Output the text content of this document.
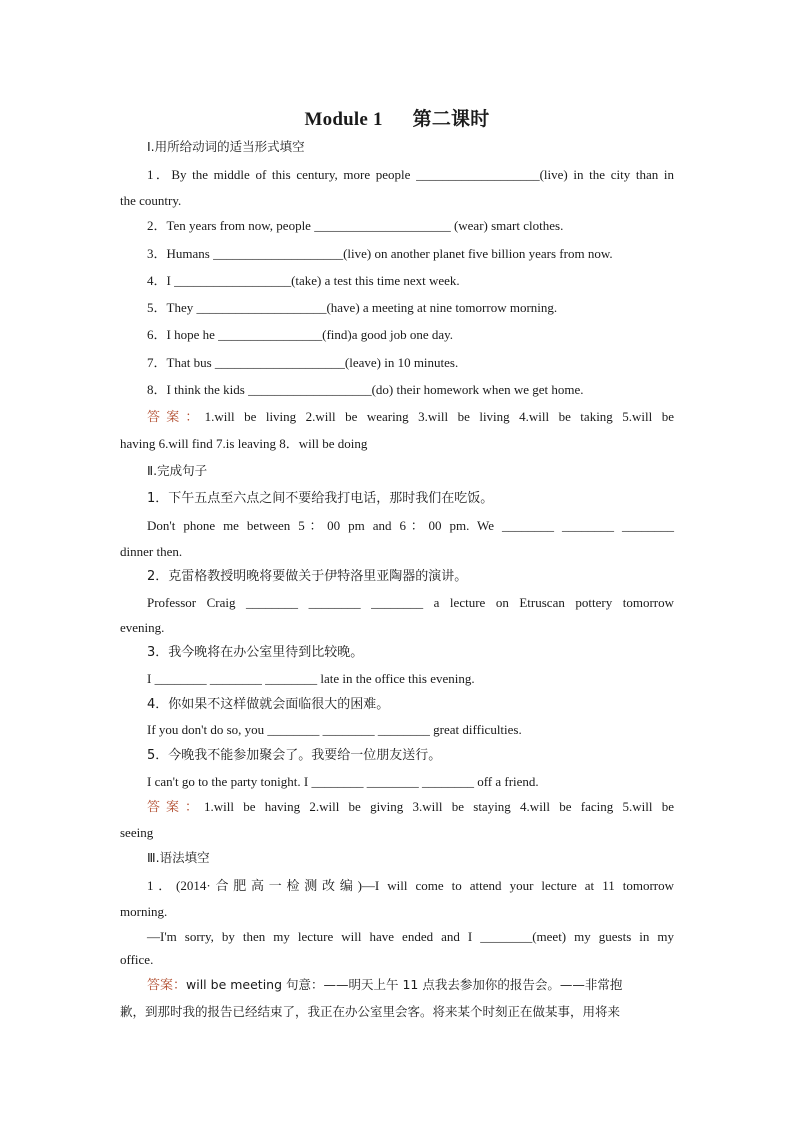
Module 1 第二课时
Ⅰ.用所给动词的适当形式填空
1．By the middle of this century, more people ___________________(live) in the city than in
the country.
2．Ten years from now, people _____________________ (wear) smart clothes.
3．Humans ____________________(live) on another planet five billion years from now.
4．I __________________(take) a test this time next week.
5．They ____________________(have) a meeting at nine tomorrow morning.
6．I hope he ________________(find)a good job one day.
7．That bus ____________________(leave) in 10 minutes.
8．I think the kids ___________________(do) their homework when we get home.
答案：1.will be living 2.will be wearing 3.will be living 4.will be taking 5.will be
having 6.will find 7.is leaving 8．will be doing
Ⅱ.完成句子
1．下午五点至六点之间不要给我打电话，那时我们在吃饭。
Don't phone me between 5：00 pm and 6：00 pm. We ________ ________ ________
dinner then.
2．克雷格教授明晚将要做关于伊特洛里亚陶器的演讲。
Professor Craig ________ ________ ________ a lecture on Etruscan pottery tomorrow
evening.
3．我今晚将在办公室里待到比较晚。
I ________ ________ ________ late in the office this evening.
4．你如果不这样做就会面临很大的困难。
If you don't do so, you ________ ________ ________ great difficulties.
5．今晚我不能参加聚会了。我要给一位朋友送行。
I can't go to the party tonight. I ________ ________ ________ off a friend.
答案：1.will be having 2.will be giving 3.will be staying 4.will be facing 5.will be
seeing
Ⅲ.语法填空
1．(2014·合肥高一检测改编)—I will come to attend your lecture at 11 tomorrow
morning.
—I'm sorry, by then my lecture will have ended and I ________(meet) my guests in my
office.
答案：will be meeting 句意：——明天上午 11 点我去参加你的报告会。——非常抱
歉，到那时我的报告已经结束了，我正在办公室里会客。将来某个时刻正在做某事，用将来
